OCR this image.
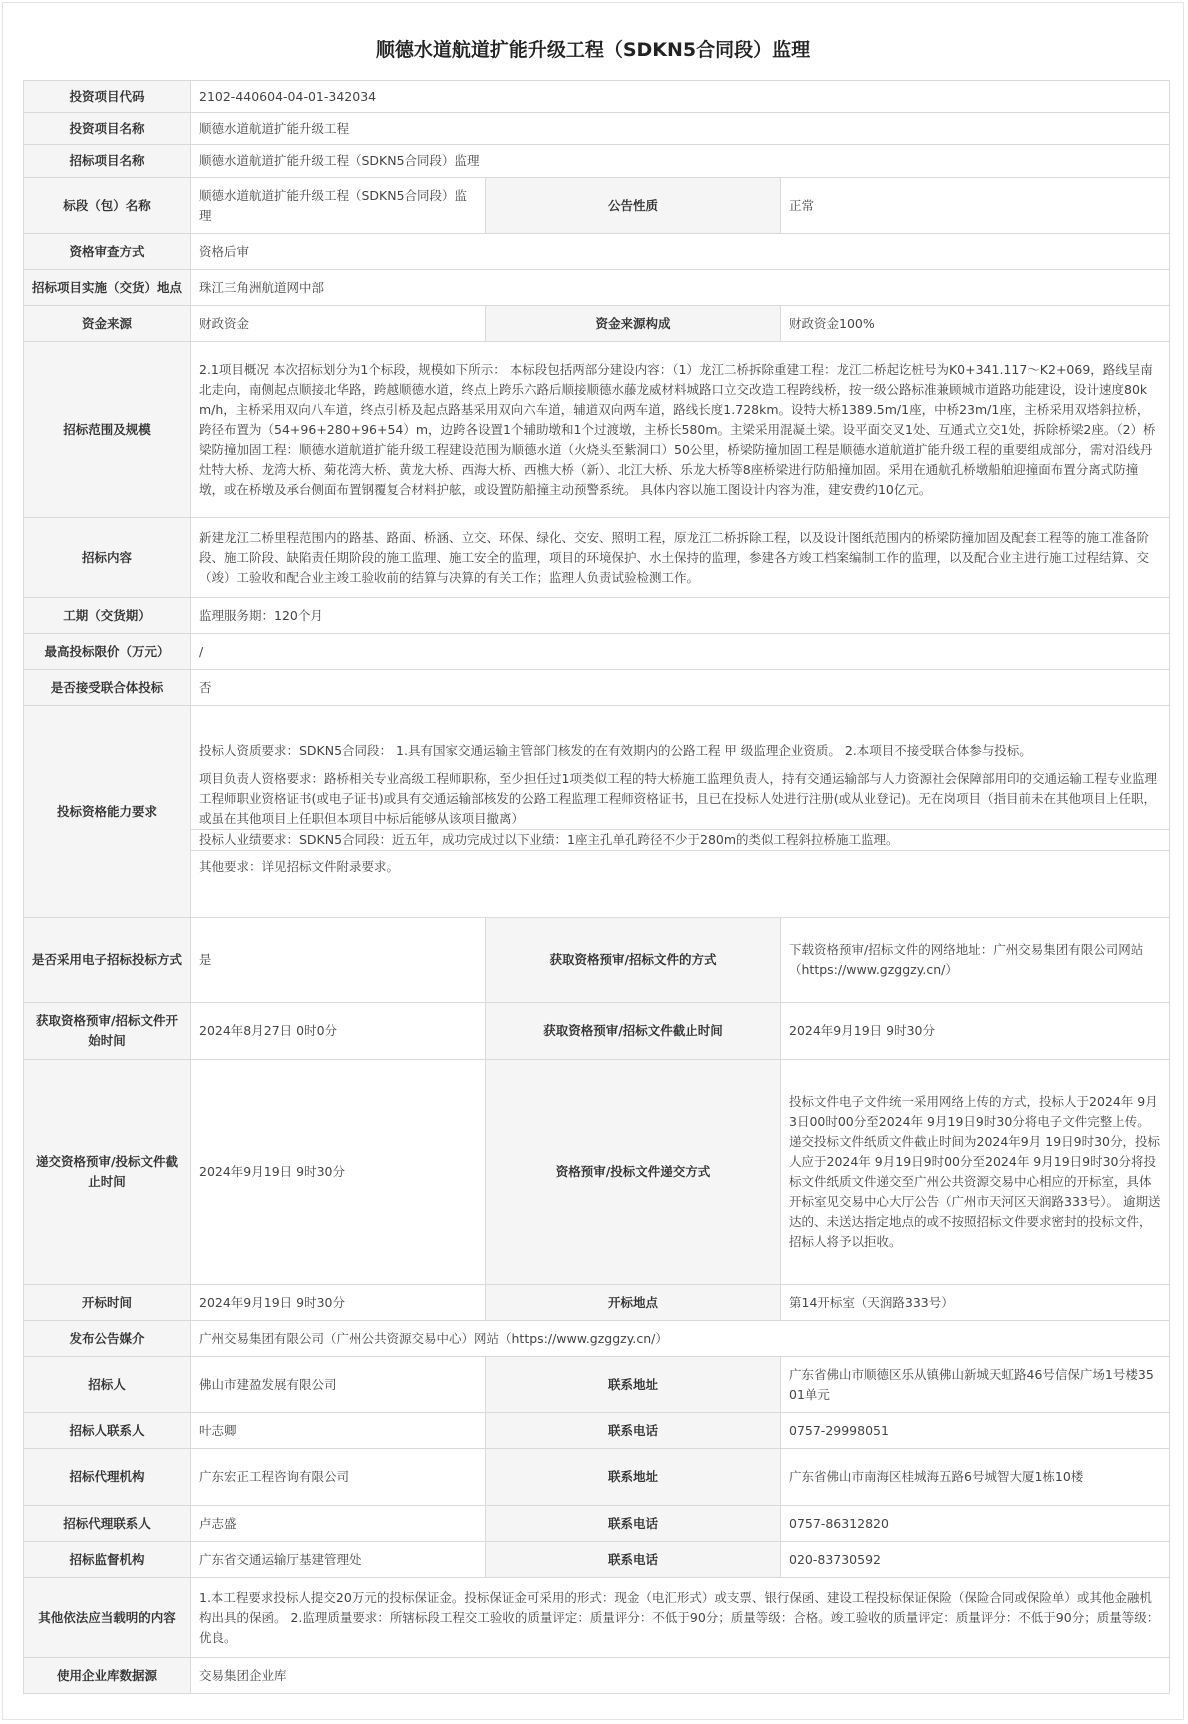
顺德水道航道扩能升级工程（SDKN5合同段）监理
投资项目代码	2102-440604-04-01-342034		
投资项目名称	顺德水道航道扩能升级工程		
招标项目名称	顺德水道航道扩能升级工程（SDKN5合同段）监理		
标段（包）名称	顺德水道航道扩能升级工程（SDKN5合同段）监理	公告性质	正常
资格审查方式	资格后审		
招标项目实施（交货）地点	珠江三角洲航道网中部		
资金来源	财政资金	资金来源构成	财政资金100%
招标范围及规模	2.1项目概况 本次招标划分为1个标段，规模如下所示： 本标段包括两部分建设内容：（1）龙江二桥拆除重建工程：龙江二桥起讫桩号为K0+341.117～K2+069，路线呈南北走向，南侧起点顺接北华路，跨越顺德水道，终点上跨乐六路后顺接顺德水藤龙威材料城路口立交改造工程跨线桥，按一级公路标准兼顾城市道路功能建设，设计速度80km/h，主桥采用双向八车道，终点引桥及起点路基采用双向六车道，辅道双向两车道，路线长度1.728km。设特大桥1389.5m/1座，中桥23m/1座，主桥采用双塔斜拉桥，跨径布置为（54+96+280+96+54）m，边跨各设置1个辅助墩和1个过渡墩，主桥长580m。主梁采用混凝土梁。设平面交叉1处、互通式立交1处，拆除桥梁2座。（2）桥梁防撞加固工程：顺德水道航道扩能升级工程建设范围为顺德水道（火烧头至紫洞口）50公里，桥梁防撞加固工程是顺德水道航道扩能升级工程的重要组成部分，需对沿线丹灶特大桥、龙湾大桥、菊花湾大桥、黄龙大桥、西海大桥、西樵大桥（新）、北江大桥、乐龙大桥等8座桥梁进行防船撞加固。采用在通航孔桥墩船舶迎撞面布置分离式防撞墩，或在桥墩及承台侧面布置钢覆复合材料护舷，或设置防船撞主动预警系统。 具体内容以施工图设计内容为准，建安费约10亿元。		
招标内容	新建龙江二桥里程范围内的路基、路面、桥涵、立交、环保、绿化、交安、照明工程，原龙江二桥拆除工程，以及设计图纸范围内的桥梁防撞加固及配套工程等的施工准备阶段、施工阶段、缺陷责任期阶段的施工监理、施工安全的监理，项目的环境保护、水土保持的监理，参建各方竣工档案编制工作的监理，以及配合业主进行施工过程结算、交（竣）工验收和配合业主竣工验收前的结算与决算的有关工作；监理人负责试验检测工作。		
工期（交货期）	监理服务期：120个月		
最高投标限价（万元）	/		
是否接受联合体投标	否		
投标资格能力要求	投标人资质要求：SDKN5合同段： 1.具有国家交通运输主管部门核发的在有效期内的公路工程 甲 级监理企业资质。 2.本项目不接受联合体参与投标。

项目负责人资格要求：路桥相关专业高级工程师职称，至少担任过1项类似工程的特大桥施工监理负责人，持有交通运输部与人力资源社会保障部用印的交通运输工程专业监理工程师职业资格证书(或电子证书)或具有交通运输部核发的公路工程监理工程师资格证书，且已在投标人处进行注册(或从业登记)。无在岗项目（指目前未在其他项目上任职，或虽在其他项目上任职但本项目中标后能够从该项目撤离）

投标人业绩要求：SDKN5合同段：近五年，成功完成过以下业绩：1座主孔单孔跨径不少于280m的类似工程斜拉桥施工监理。

其他要求：详见招标文件附录要求。		

是否采用电子招标投标方式	是	获取资格预审/招标文件的方式	下载资格预审/招标文件的网络地址：广州交易集团有限公司网站（https://www.gzggzy.cn/）
获取资格预审/招标文件开始时间	2024年8月27日 0时0分	获取资格预审/招标文件截止时间	2024年9月19日 9时30分
递交资格预审/投标文件截止时间	2024年9月19日 9时30分	资格预审/投标文件递交方式	投标文件电子文件统一采用网络上传的方式，投标人于2024年 9月3日00时00分至2024年 9月19日9时30分将电子文件完整上传。递交投标文件纸质文件截止时间为2024年9月 19日9时30分，投标人应于2024年 9月19日9时00分至2024年 9月19日9时30分将投标文件纸质文件递交至广州公共资源交易中心相应的开标室，具体开标室见交易中心大厅公告（广州市天河区天润路333号）。 逾期送达的、未送达指定地点的或不按照招标文件要求密封的投标文件，招标人将予以拒收。
开标时间	2024年9月19日 9时30分	开标地点	第14开标室（天润路333号）
发布公告媒介	广州交易集团有限公司（广州公共资源交易中心）网站（https://www.gzggzy.cn/）		
招标人	佛山市建盈发展有限公司	联系地址	广东省佛山市顺德区乐从镇佛山新城天虹路46号信保广场1号楼3501单元
招标人联系人	叶志卿	联系电话	0757-29998051
招标代理机构	广东宏正工程咨询有限公司	联系地址	广东省佛山市南海区桂城海五路6号城智大厦1栋10楼
招标代理联系人	卢志盛	联系电话	0757-86312820
招标监督机构	广东省交通运输厅基建管理处	联系电话	020-83730592
其他依法应当载明的内容	1.本工程要求投标人提交20万元的投标保证金。投标保证金可采用的形式：现金（电汇形式）或支票、银行保函、建设工程投标保证保险（保险合同或保险单）或其他金融机构出具的保函。 2.监理质量要求：所辖标段工程交工验收的质量评定：质量评分：不低于90分；质量等级：合格。竣工验收的质量评定：质量评分：不低于90分；质量等级：优良。		
使用企业库数据源	交易集团企业库		
